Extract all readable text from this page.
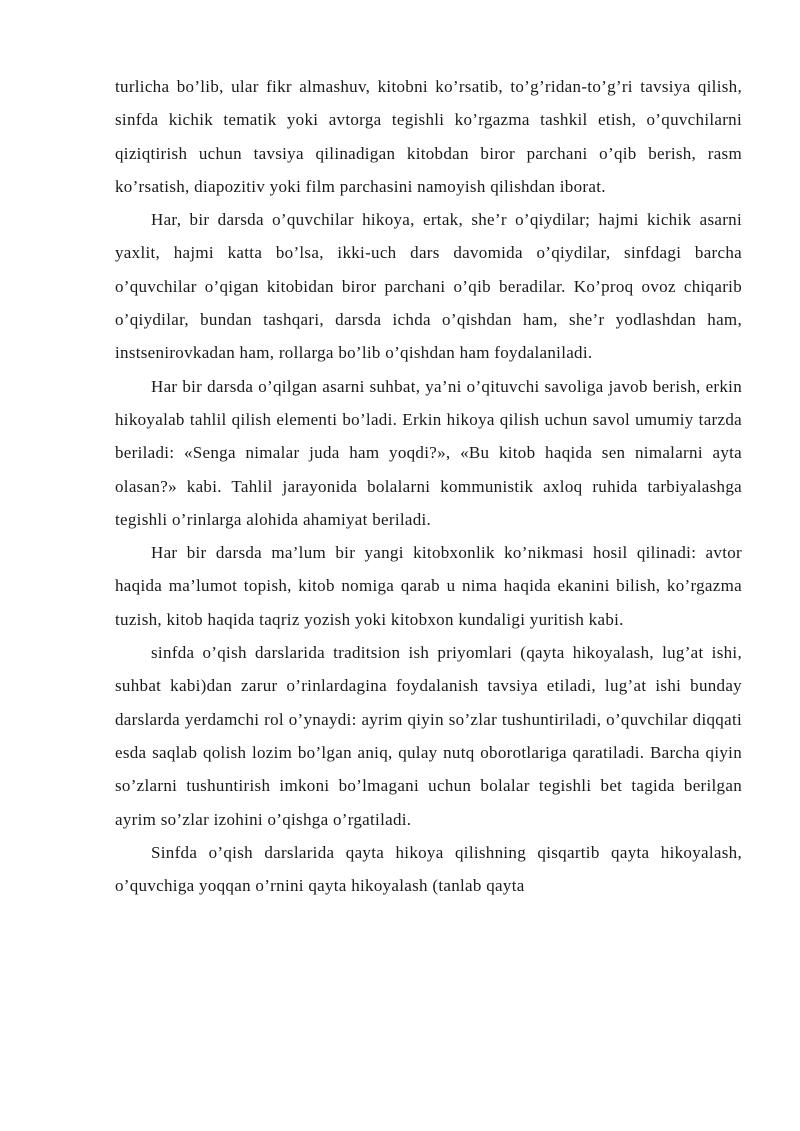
turlicha bo’lib, ular fikr almashuv, kitobni ko’rsatib, to’g’ridan-to’g’ri tavsiya qilish, sinfda kichik tematik yoki avtorga tegishli ko’rgazma tashkil etish, o’quvchilarni qiziqtirish uchun tavsiya qilinadigan kitobdan biror parchani o’qib berish, rasm ko’rsatish, diapozitiv yoki film parchasini namoyish qilishdan iborat.

Har, bir darsda o’quvchilar hikoya, ertak, she’r o’qiydilar; hajmi kichik asarni yaxlit, hajmi katta bo’lsa, ikki-uch dars davomida o’qiydilar, sinfdagi barcha o’quvchilar o’qigan kitobidan biror parchani o’qib beradilar. Ko’proq ovoz chiqarib o’qiydilar, bundan tashqari, darsda ichda o’qishdan ham, she’r yodlashdan ham, instsenirovkadan ham, rollarga bo’lib o’qishdan ham foydalaniladi.

Har bir darsda o’qilgan asarni suhbat, ya’ni o’qituvchi savoliga javob berish, erkin hikoyalab tahlil qilish elementi bo’ladi. Erkin hikoya qilish uchun savol umumiy tarzda beriladi: «Senga nimalar juda ham yoqdi?», «Bu kitob haqida sen nimalarni ayta olasan?» kabi. Tahlil jarayonida bolalarni kommunistik axloq ruhida tarbiyalashga tegishli o’rinlarga alohida ahamiyat beriladi.

Har bir darsda ma’lum bir yangi kitobxonlik ko’nikmasi hosil qilinadi: avtor haqida ma’lumot topish, kitob nomiga qarab u nima haqida ekanini bilish, ko’rgazma tuzish, kitob haqida taqriz yozish yoki kitobxon kundaligi yuritish kabi.

sinfda o’qish darslarida traditsion ish priyomlari (qayta hikoyalash, lug’at ishi, suhbat kabi)dan zarur o’rinlardagina foydalanish tavsiya etiladi, lug’at ishi bunday darslarda yerdamchi rol o’ynaydi: ayrim qiyin so’zlar tushuntiriladi, o’quvchilar diqqati esda saqlab qolish lozim bo’lgan aniq, qulay nutq oborotlariga qaratiladi. Barcha qiyin so’zlarni tushuntirish imkoni bo’lmagani uchun bolalar tegishli bet tagida berilgan ayrim so’zlar izohini o’qishga o’rgatiladi.

Sinfda o’qish darslarida qayta hikoya qilishning qisqartib qayta hikoyalash, o’quvchiga yoqqan o’rnini qayta hikoyalash (tanlab qayta
